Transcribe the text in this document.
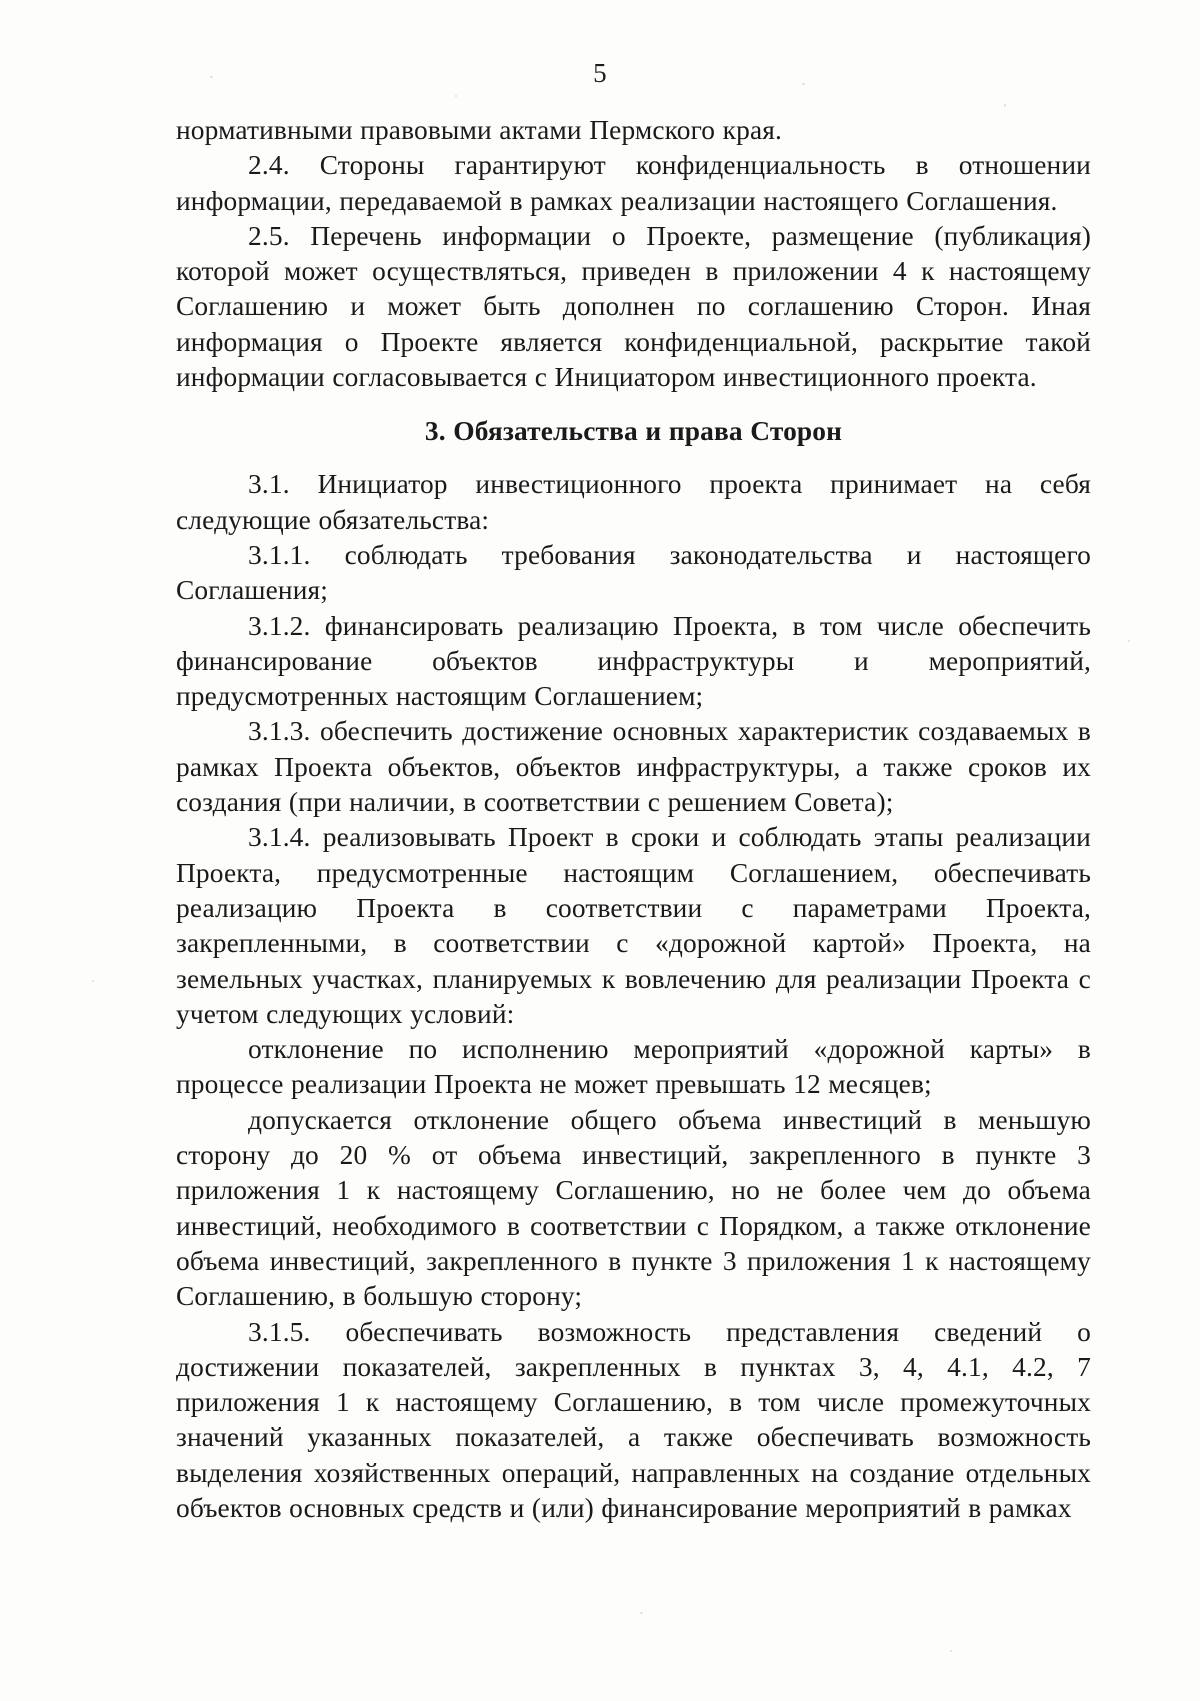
5

нормативными правовыми актами Пермского края.

2.4. Стороны гарантируют конфиденциальность в отношении информации, передаваемой в рамках реализации настоящего Соглашения.

2.5. Перечень информации о Проекте, размещение (публикация) которой может осуществляться, приведен в приложении 4 к настоящему Соглашению и может быть дополнен по соглашению Сторон. Иная информация о Проекте является конфиденциальной, раскрытие такой информации согласовывается с Инициатором инвестиционного проекта.

3. Обязательства и права Сторон

3.1. Инициатор инвестиционного проекта принимает на себя следующие обязательства:

3.1.1. соблюдать требования законодательства и настоящего Соглашения;

3.1.2. финансировать реализацию Проекта, в том числе обеспечить финансирование объектов инфраструктуры и мероприятий, предусмотренных настоящим Соглашением;

3.1.3. обеспечить достижение основных характеристик создаваемых в рамках Проекта объектов, объектов инфраструктуры, а также сроков их создания (при наличии, в соответствии с решением Совета);

3.1.4. реализовывать Проект в сроки и соблюдать этапы реализации Проекта, предусмотренные настоящим Соглашением, обеспечивать реализацию Проекта в соответствии с параметрами Проекта, закрепленными, в соответствии с «дорожной картой» Проекта, на земельных участках, планируемых к вовлечению для реализации Проекта с учетом следующих условий:

отклонение по исполнению мероприятий «дорожной карты» в процессе реализации Проекта не может превышать 12 месяцев;

допускается отклонение общего объема инвестиций в меньшую сторону до 20 % от объема инвестиций, закрепленного в пункте 3 приложения 1 к настоящему Соглашению, но не более чем до объема инвестиций, необходимого в соответствии с Порядком, а также отклонение объема инвестиций, закрепленного в пункте 3 приложения 1 к настоящему Соглашению, в большую сторону;

3.1.5. обеспечивать возможность представления сведений о достижении показателей, закрепленных в пунктах 3, 4, 4.1, 4.2, 7 приложения 1 к настоящему Соглашению, в том числе промежуточных значений указанных показателей, а также обеспечивать возможность выделения хозяйственных операций, направленных на создание отдельных объектов основных средств и (или) финансирование мероприятий в рамках
